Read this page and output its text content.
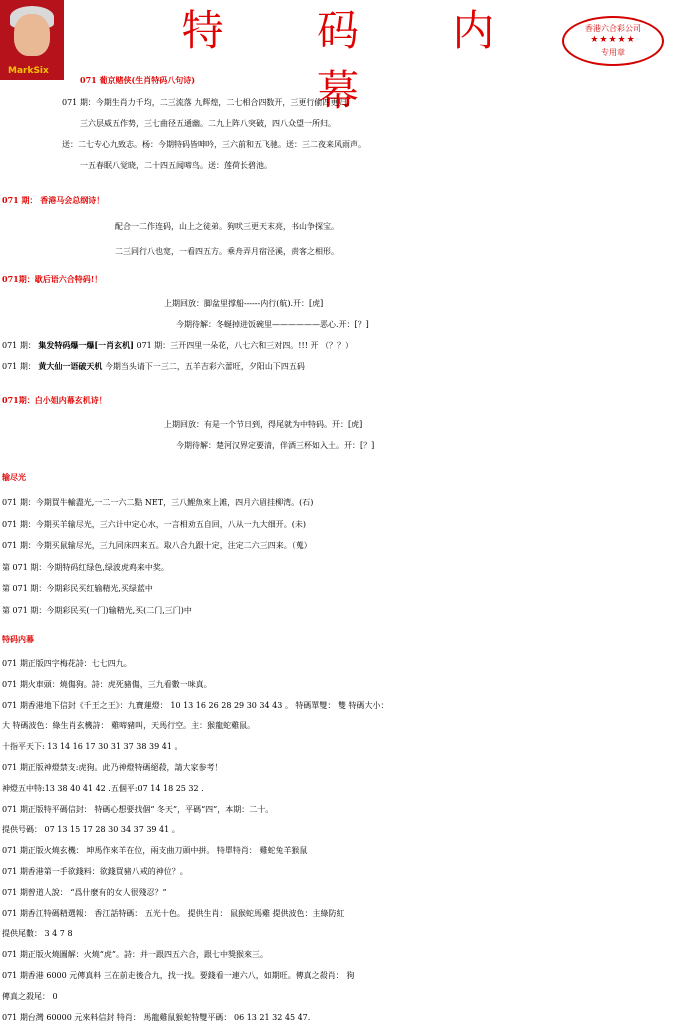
MarkSix
特 码 内 幕
香港六合彩公司
★★★★★
专用章
071 葡京赌侠(生肖特码八句诗)
071 期：今期生肖力千均，二三流落 九辉煌，二七相合四数开，三更行偷四更归。
三六层威五作势，三七曲径五通幽。二九上阵八突破，四八众望一所归。
送：二七专心九致志。杨：今期特码皆呻吟，三六前和五飞驰。送：三二夜来风雨声。
一五春眠八觉晓，二十四五闻啼鸟。送：莲荷长碧池。
071 期： 香港马会总纲诗！
配合一二作连码，山上之徒弟。狗吠三更天末亮，书山争探宝。
二三同行八也宽，一看四五方。乘舟弄月宿泾溪，责客之相形。
071期：歇后语六合特码!！
上期回放：脚盆里撑船------内行(航).开：[虎]
今期待解：冬蜒掉进饭碗里——————恶心.开：[？]
071 期： 集发特码爆一爆[一肖玄机] 071 期：三开四里一朵花，八七六和三对四。!!! 开 （？？）
071 期： 黄大仙一语破天机 今期当头请下一三二，五羊吉彩六蕾旺，夕阳山下四五码
071期：白小姐内幕玄机诗！
上期回放：有是一个节日到，得尾就为中特码。开：[虎]
今期待解：楚河汉界定要清，伴酒三杯如入土。开：[？]
输尽光
071 期：今期買牛輸盡光,一二一六二點 NET，三八鯉魚來上滩，四月六眉挂柳湾。(石)
071 期：今期买羊输尽光，三六计中定心水，一言相劝五自回，八从一九大细开。(未)
071 期：今期买鼠输尽光，三九同床四来五。取八合九跟十定，注定二六三四来。（蒐）
第 071 期：今期特码红绿色,绿波虎鸡来中奖。
第 071 期：今期彩民买红输精光,买绿蓝中
第 071 期：今期彩民买(一门)输精光,买(二门,三门)中
特码内幕
071 期正版四字梅花詩：七七四九。
071 期火車頭：燒傷狗。詩：虎死豬傷，三九看數一味真。
071 期香港地下信封《千王之王》：九寶蓮燈： 10 13 16 26 28 29 30 34 43 。 特碼單雙： 雙 特碼大小：
大 特碼波色：綠生肖玄機詩： 雞啼豬叫，天馬行空。主：猴龍蛇雞鼠。
十指平天下: 13 14 16 17 30 31 37 38 39 41 。
071 期正版神燈禁支:虎狗。此乃神燈特碼絕殺，請大家参考！
神燈五中特:13 38 40 41 42 .五個平:07 14 18 25 32 .
071 期正版特平碼信封： 特碼心想要找個“ 冬天”，平碼“四”，本期：二十。
提供号碼： 07 13 15 17 28 30 34 37 39 41 。
071 期正版火燒玄機： 坤馬作來羊在位，兩支曲刀頭中拼。 特單特肖： 雞蛇兔羊猴鼠
071 期香港第一手欲錢料：欲錢買豬八戒的神位？。
071 期曾道人說： “爲什麼有的女人很殘忍？”
071 期香江特碼精選報： 香江話特碼： 五光十色。 提供生肖： 鼠猴蛇馬雞 提供波色：主綠防紅
提供尾數： 3 4 7 8
071 期正版火燒圖解：火燒“虎”。詩：并一跟四五六合，跟七中獎猴來三。
071 期香港 6000 元傳真料 三在前走後合九，找一找。要錢看一連六八，如期旺。傳真之殺肖： 狗
傳真之殺尾： 0
071 期台灣 60000 元來料信封 特肖： 馬龍雞鼠猴蛇特雙平碼： 06 13 21 32 45 47.
